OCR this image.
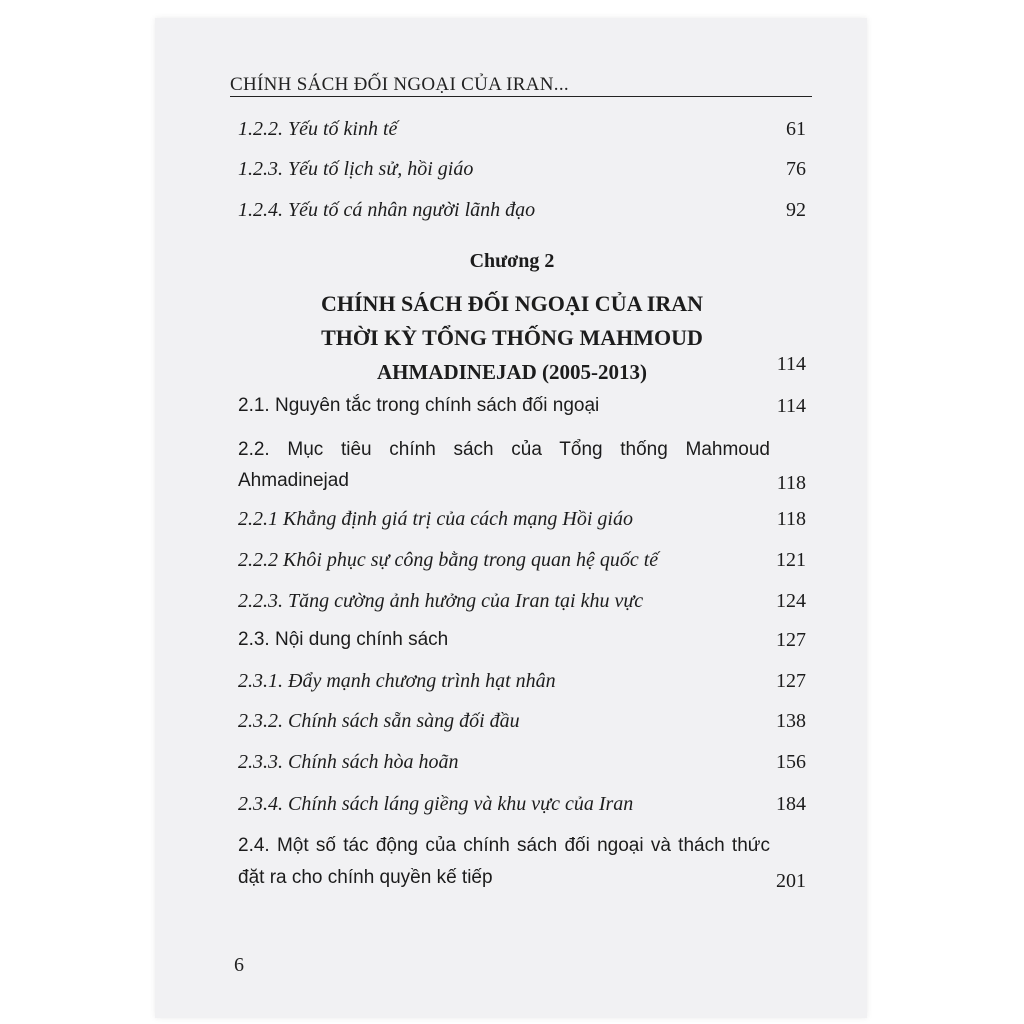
CHÍNH SÁCH ĐỐI NGOẠI CỦA IRAN...
1.2.2. Yếu tố kinh tế	61
1.2.3. Yếu tố lịch sử, hồi giáo	76
1.2.4. Yếu tố cá nhân người lãnh đạo	92
Chương 2
CHÍNH SÁCH ĐỐI NGOẠI CỦA IRAN
THỜI KỲ TỔNG THỐNG MAHMOUD
AHMADINEJAD (2005-2013)	114
2.1. Nguyên tắc trong chính sách đối ngoại	114
2.2. Mục tiêu chính sách của Tổng thống Mahmoud Ahmadinejad	118
2.2.1 Khẳng định giá trị của cách mạng Hồi giáo	118
2.2.2 Khôi phục sự công bằng trong quan hệ quốc tế	121
2.2.3. Tăng cường ảnh hưởng của Iran tại khu vực	124
2.3. Nội dung chính sách	127
2.3.1. Đẩy mạnh chương trình hạt nhân	127
2.3.2. Chính sách sẵn sàng đối đầu	138
2.3.3. Chính sách hòa hoãn	156
2.3.4. Chính sách láng giềng và khu vực của Iran	184
2.4. Một số tác động của chính sách đối ngoại và thách thức đặt ra cho chính quyền kế tiếp	201
6
